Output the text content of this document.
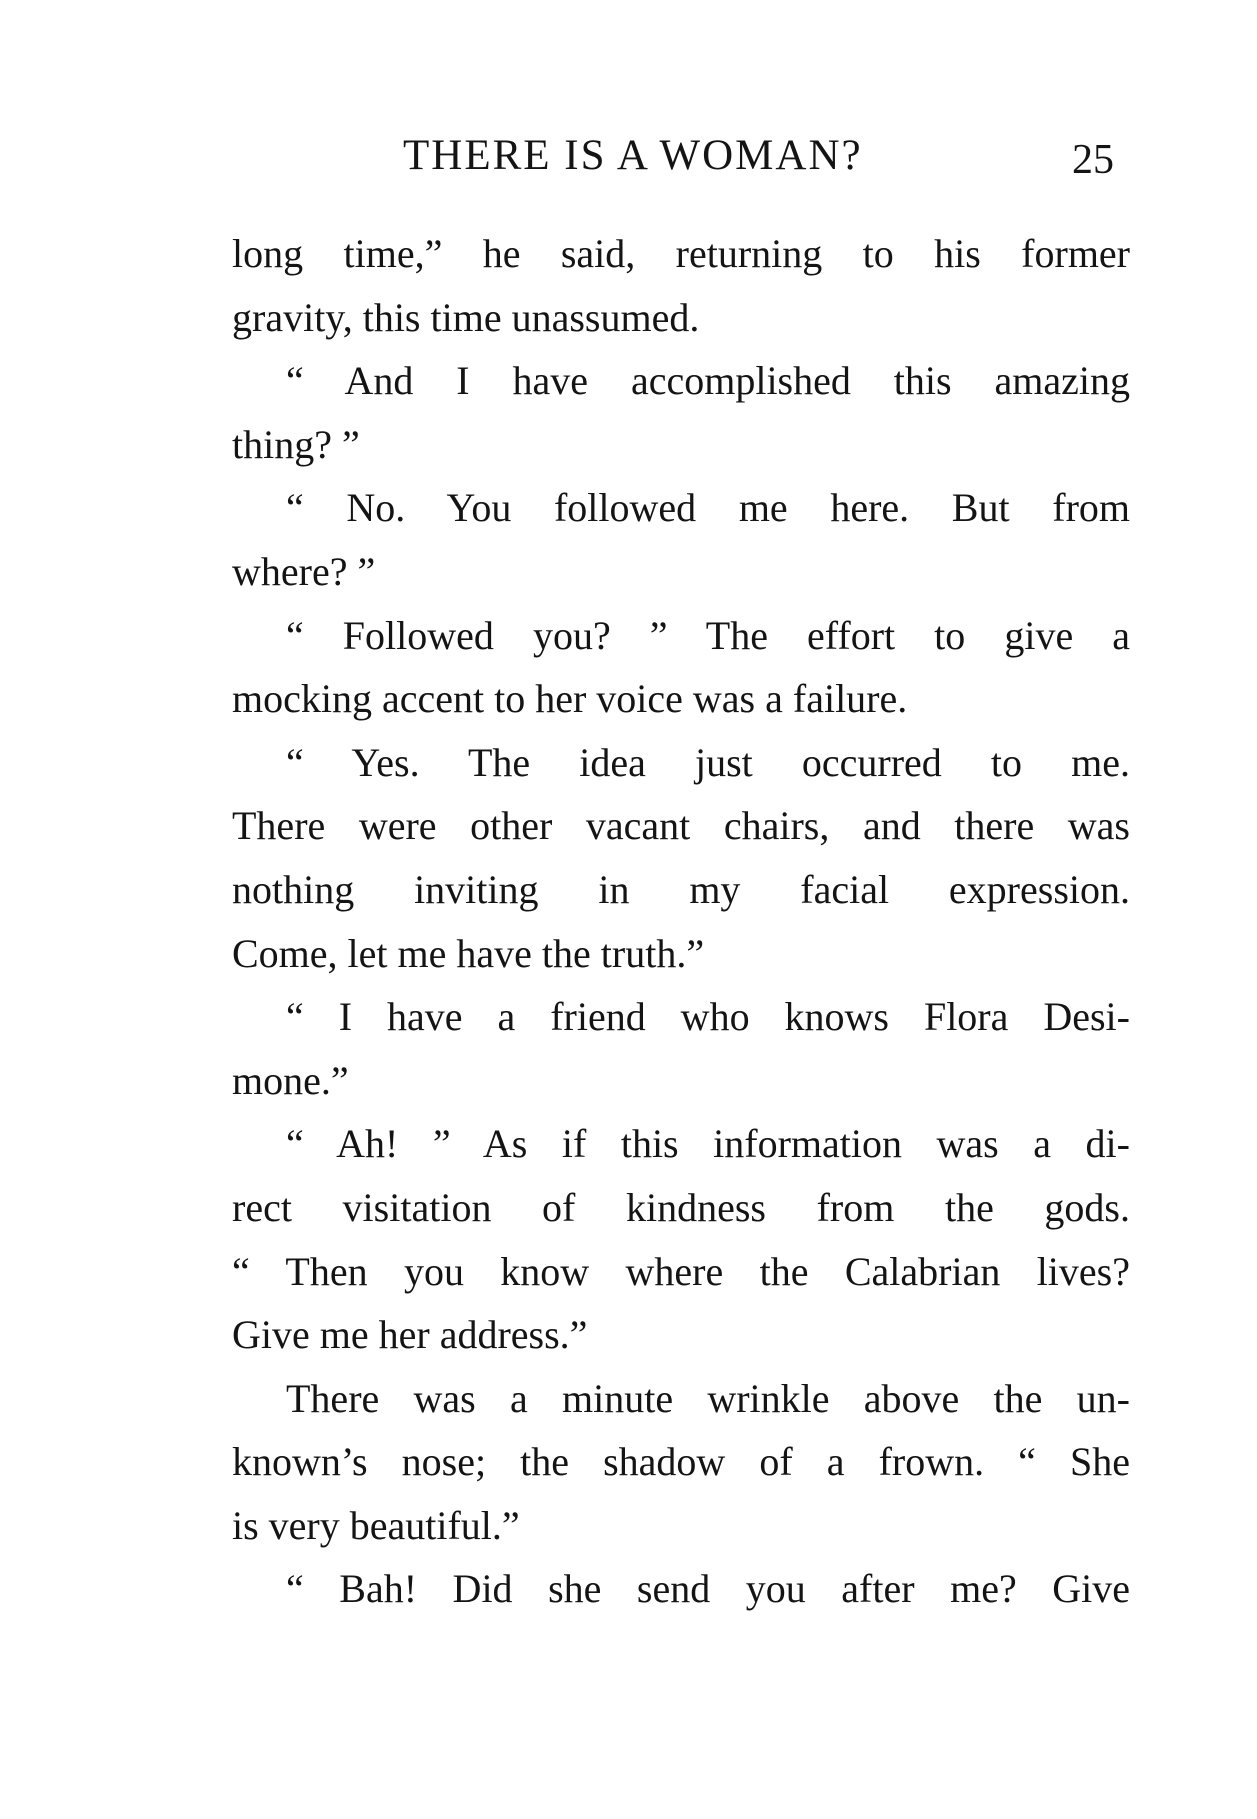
THERE IS A WOMAN?	25
long time,” he said, returning to his former
gravity, this time unassumed.
“ And I have accomplished this amazing
thing? ”
“ No. You followed me here. But from
where? ”
“ Followed you? ” The effort to give a
mocking accent to her voice was a failure.
“ Yes. The idea just occurred to me.
There were other vacant chairs, and there was
nothing inviting in my facial expression.
Come, let me have the truth.”
“ I have a friend who knows Flora Desi-
mone.”
“ Ah! ” As if this information was a di-
rect visitation of kindness from the gods.
“ Then you know where the Calabrian lives?
Give me her address.”
There was a minute wrinkle above the un-
known’s nose; the shadow of a frown. “ She
is very beautiful.”
“ Bah! Did she send you after me? Give
